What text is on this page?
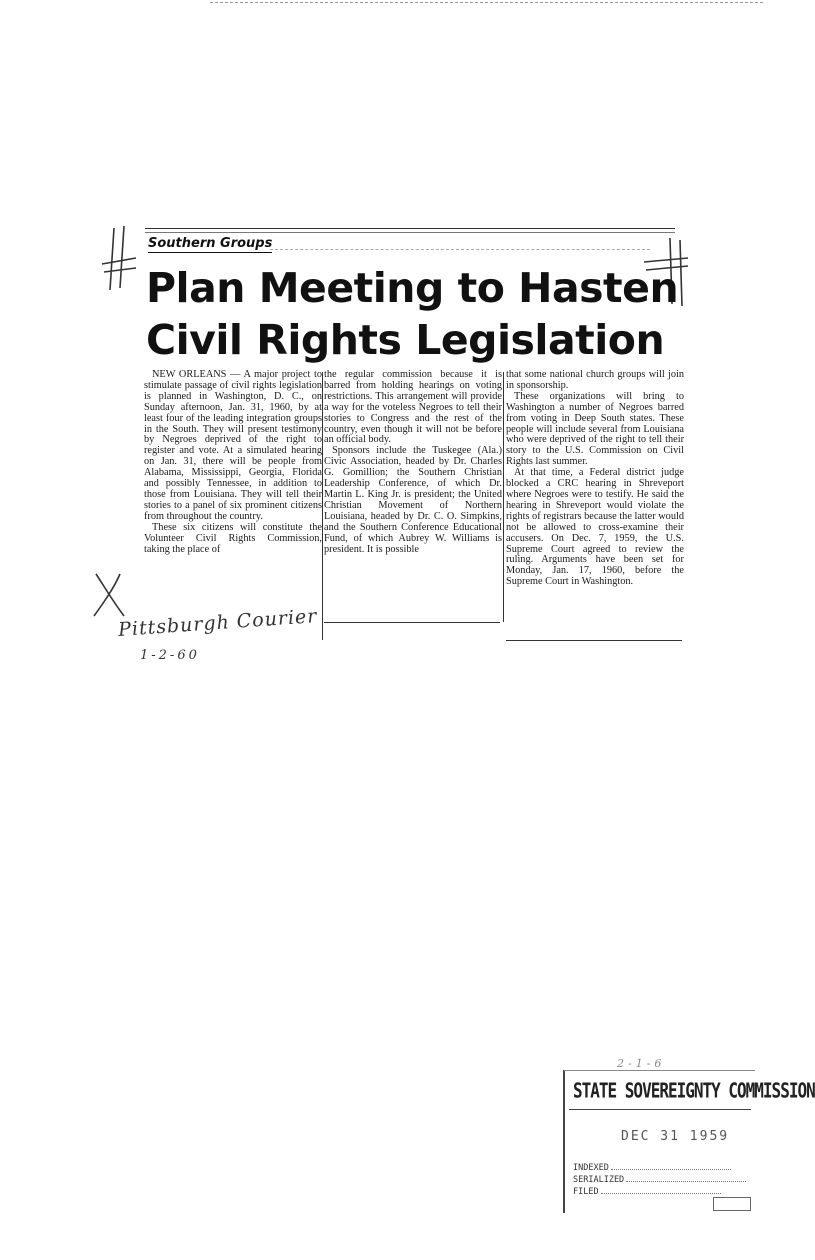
Southern Groups
Plan Meeting to Hasten
Civil Rights Legislation

NEW ORLEANS — A major project to stimulate passage of civil rights legislation is planned in Washington, D. C., on Sunday afternoon, Jan. 31, 1960, by at least four of the leading integration groups in the South. They will present testimony by Negroes deprived of the right to register and vote. At a simulated hearing on Jan. 31, there will be people from Alabama, Mississippi, Georgia, Florida and possibly Tennessee, in addition to those from Louisiana. They will tell their stories to a panel of six prominent citizens from throughout the country.

These six citizens will constitute the Volunteer Civil Rights Commission, taking the place of

the regular commission because it is barred from holding hearings on voting restrictions. This arrangement will provide a way for the voteless Negroes to tell their stories to Congress and the rest of the country, even though it will not be before an official body.

Sponsors include the Tuskegee (Ala.) Civic Association, headed by Dr. Charles G. Gomillion; the Southern Christian Leadership Conference, of which Dr. Martin L. King Jr. is president; the United Christian Movement of Northern Louisiana, headed by Dr. C. O. Simpkins, and the Southern Conference Educational Fund, of which Aubrey W. Williams is president. It is possible

that some national church groups will join in sponsorship.

These organizations will bring to Washington a number of Negroes barred from voting in Deep South states. These people will include several from Louisiana who were deprived of the right to tell their story to the U.S. Commission on Civil Rights last summer.

At that time, a Federal district judge blocked a CRC hearing in Shreveport where Negroes were to testify. He said the hearing in Shreveport would violate the rights of registrars because the latter would not be allowed to cross-examine their accusers. On Dec. 7, 1959, the U.S. Supreme Court agreed to review the ruling. Arguments have been set for Monday, Jan. 17, 1960, before the Supreme Court in Washington.

Pittsburgh Courier
1-2-60
2-1-6
STATE SOVEREIGNTY COMMISSION
DEC 31 1959
INDEXED
SERIALIZED
FILED
